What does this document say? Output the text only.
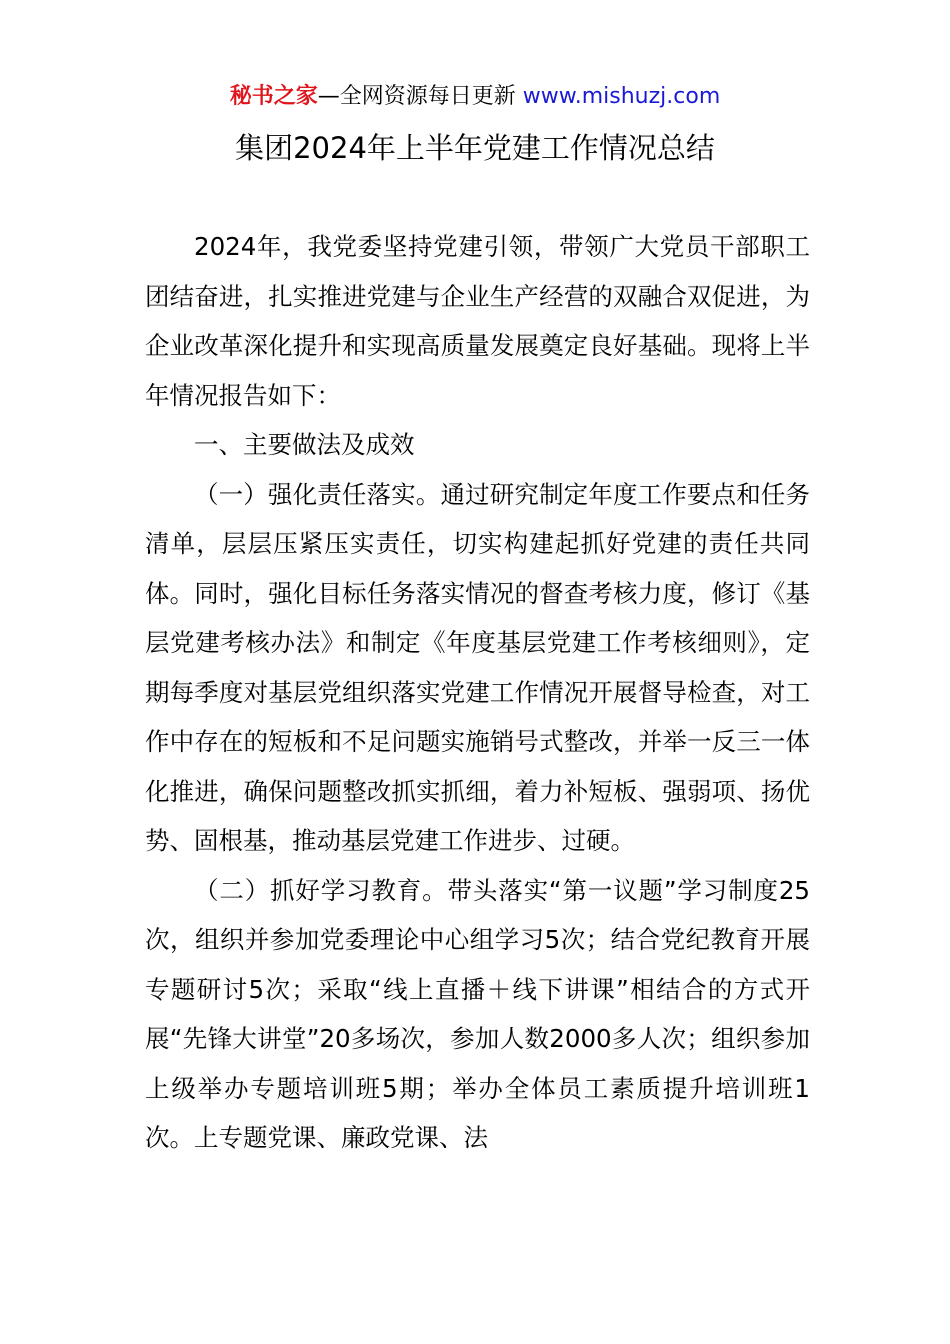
秘书之家—全网资源每日更新 www.mishuzj.com
集团2024年上半年党建工作情况总结

2024年，我党委坚持党建引领，带领广大党员干部职工团结奋进，扎实推进党建与企业生产经营的双融合双促进，为企业改革深化提升和实现高质量发展奠定良好基础。现将上半年情况报告如下：

一、主要做法及成效

（一）强化责任落实。通过研究制定年度工作要点和任务清单，层层压紧压实责任，切实构建起抓好党建的责任共同体。同时，强化目标任务落实情况的督查考核力度，修订《基层党建考核办法》和制定《年度基层党建工作考核细则》，定期每季度对基层党组织落实党建工作情况开展督导检查，对工作中存在的短板和不足问题实施销号式整改，并举一反三一体化推进，确保问题整改抓实抓细，着力补短板、强弱项、扬优势、固根基，推动基层党建工作进步、过硬。

（二）抓好学习教育。带头落实“第一议题”学习制度25次，组织并参加党委理论中心组学习5次；结合党纪教育开展专题研讨5次；采取“线上直播＋线下讲课”相结合的方式开展“先锋大讲堂”20多场次，参加人数2000多人次；组织参加上级举办专题培训班5期；举办全体员工素质提升培训班1次。上专题党课、廉政党课、法
